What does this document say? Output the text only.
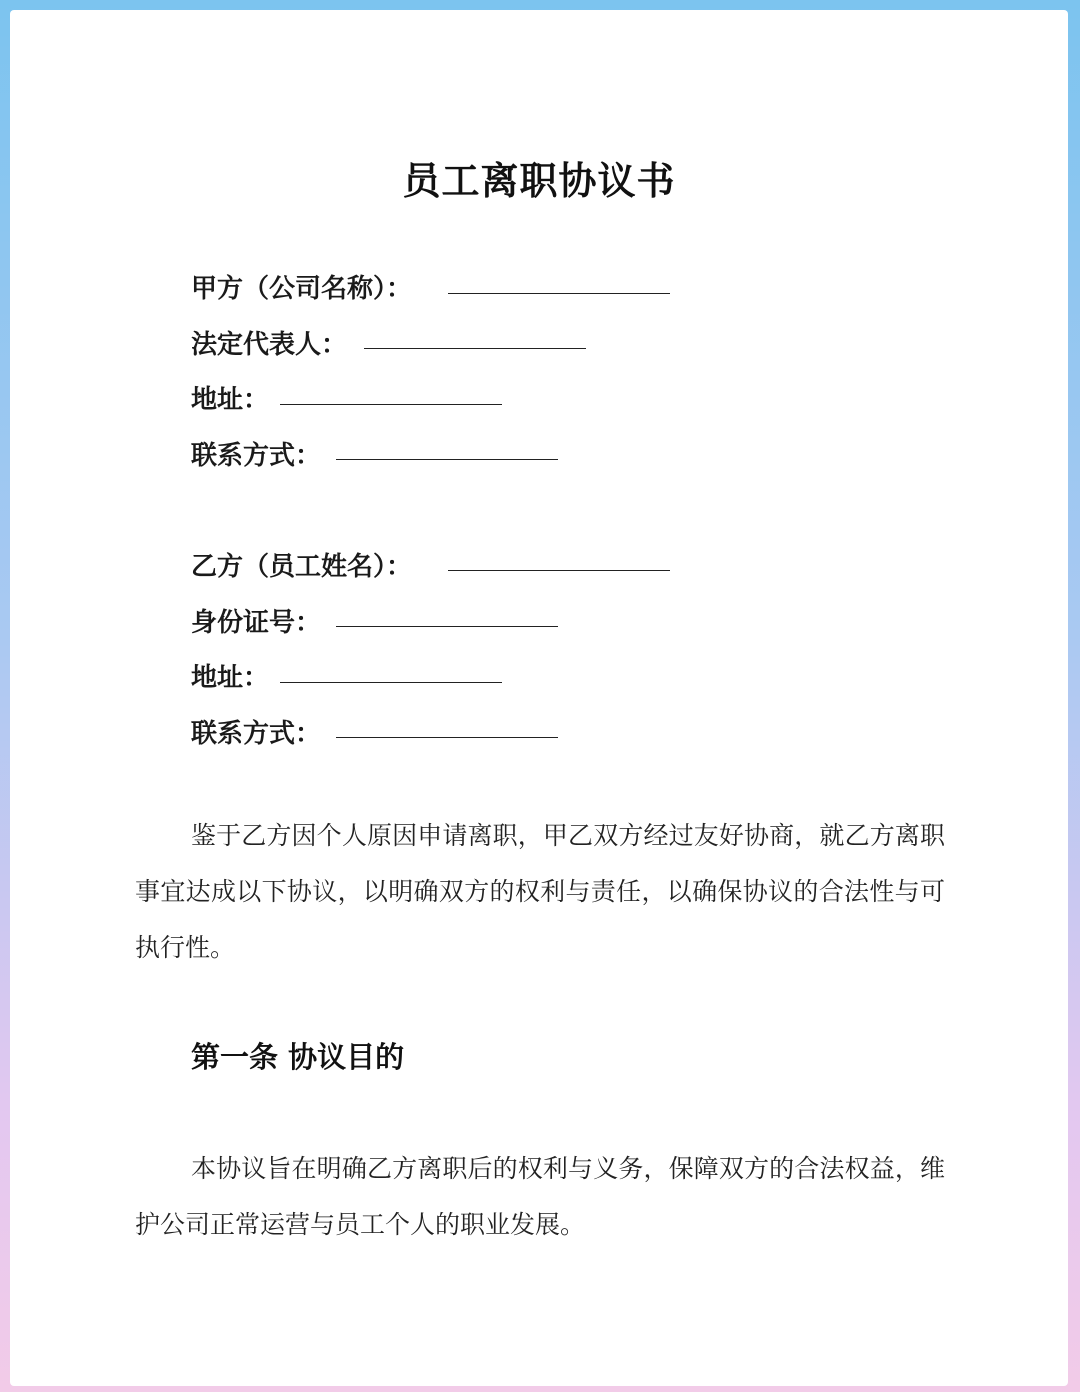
员工离职协议书
甲方（公司名称）：
法定代表人：
地址：
联系方式：
乙方（员工姓名）：
身份证号：
地址：
联系方式：

鉴于乙方因个人原因申请离职，甲乙双方经过友好协商，就乙方离职事宜达成以下协议，以明确双方的权利与责任，以确保协议的合法性与可执行性。

第一条 协议目的

本协议旨在明确乙方离职后的权利与义务，保障双方的合法权益，维护公司正常运营与员工个人的职业发展。
